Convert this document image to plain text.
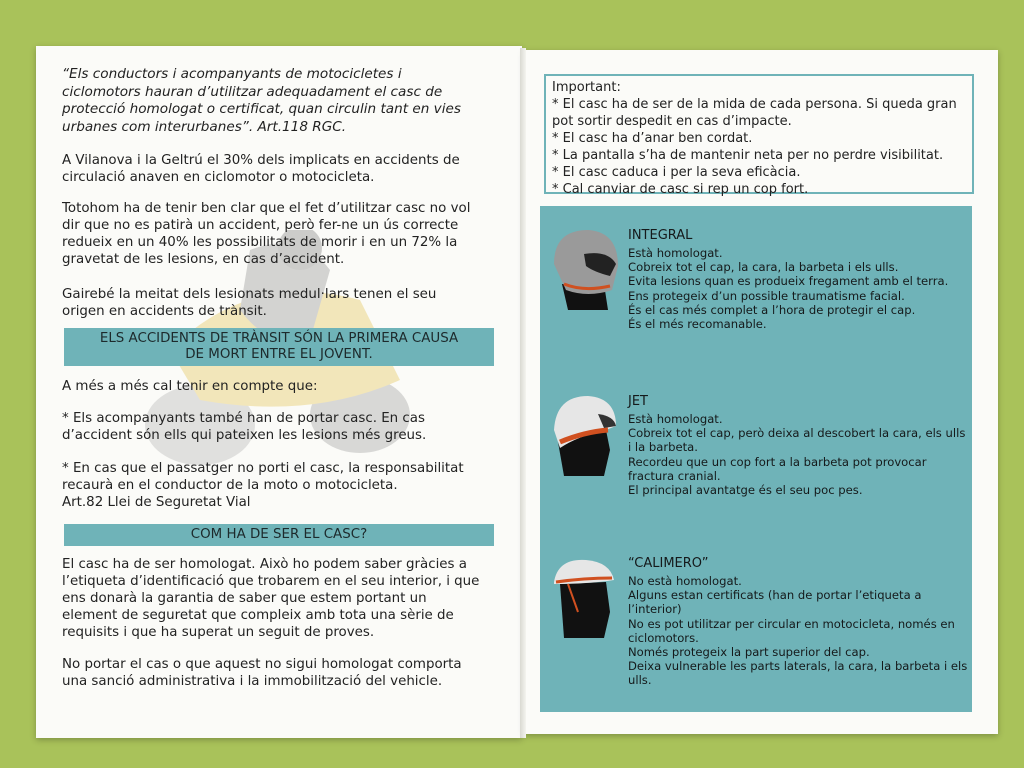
“Els conductors i acompanyants de motocicletes i ciclomotors hauran d’utilitzar adequadament el casc de protecció homologat o certificat, quan circulin tant en vies urbanes com interurbanes”. Art.118 RGC.

A Vilanova i la Geltrú el 30% dels implicats en accidents de circulació anaven en ciclomotor o motocicleta.

Totohom ha de tenir ben clar que el fet d’utilitzar casc no vol dir que no es patirà un accident, però fer-ne un ús correcte redueix en un 40% les possibilitats de morir i en un 72% la gravetat de les lesions, en cas d’accident.

Gairebé la meitat dels lesionats medul·lars tenen el seu origen en accidents de trànsit.

ELS ACCIDENTS DE TRÀNSIT SÓN LA PRIMERA CAUSA
DE MORT ENTRE EL JOVENT.

A més a més cal tenir en compte que:

* Els acompanyants també han de portar casc. En cas d’accident són ells qui pateixen les lesions més greus.

* En cas que el passatger no porti el casc, la responsabilitat recaurà en el conductor de la moto o motocicleta.
Art.82 Llei de Seguretat Vial
COM HA DE SER EL CASC?

El casc ha de ser homologat. Això ho podem saber gràcies a l’etiqueta d’identificació que trobarem en el seu interior, i que ens donarà la garantia de saber que estem portant un element de seguretat que compleix amb tota una sèrie de requisits i que ha superat un seguit de proves.

No portar el cas o que aquest no sigui homologat comporta una sanció administrativa i la immobilització del vehicle.

Important:

* El casc ha de ser de la mida de cada persona. Si queda gran pot sortir despedit en cas d’impacte.

* El casc ha d’anar ben cordat.

* La pantalla s’ha de mantenir neta per no perdre visibilitat.

* El casc caduca i per la seva eficàcia.

* Cal canviar de casc si rep un cop fort.

INTEGRAL

Està homologat.

Cobreix tot el cap, la cara, la barbeta i els ulls.

Evita lesions quan es produeix fregament amb el terra.

Ens protegeix d’un possible traumatisme facial.

És el cas més complet a l’hora de protegir el cap.

És el més recomanable.

JET

Està homologat.

Cobreix tot el cap, però deixa al descobert la cara, els ulls i la barbeta.

Recordeu que un cop fort a la barbeta pot provocar fractura cranial.

El principal avantatge és el seu poc pes.

“CALIMERO”

No està homologat.

Alguns estan certificats (han de portar l’etiqueta a l’interior)

No es pot utilitzar per circular en motocicleta, només en ciclomotors.

Només protegeix la part superior del cap.

Deixa vulnerable les parts laterals, la cara, la barbeta i els ulls.
